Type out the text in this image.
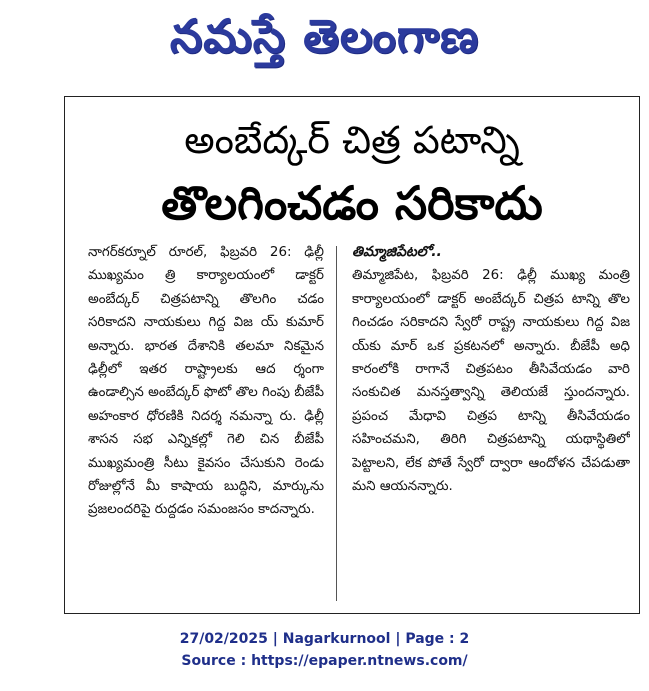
నమస్తే తెలంగాణ
అంబేద్కర్ చిత్ర పటాన్ని
తొలగించడం సరికాదు

నాగర్‌కర్నూల్ రూరల్, ఫిబ్రవరి 26: ఢిల్లీ ముఖ్యమం త్రి కార్యాలయంలో డాక్టర్ అంబేద్కర్ చిత్రపటాన్ని తొలగిం చడం సరికాదని నాయకులు గిద్ద విజ య్ కుమార్ అన్నారు. భారత దేశానికి తలమా నికమైన ఢిల్లీలో ఇతర రాష్ట్రాలకు ఆద ర్శంగా ఉండాల్సిన అంబేద్కర్ ఫొటో తొల గింపు బీజేపీ అహంకార ధోరణికి నిదర్శ నమన్నా రు. ఢిల్లీ శాసన సభ ఎన్నికల్లో గెలి చిన బీజేపీ ముఖ్యమంత్రి సీటు కైవసం చేసుకుని రెండు రోజుల్లోనే మీ కాషాయ బుద్ధిని, మార్కును ప్రజలందరిపై రుద్దడం సమంజసం కాదన్నారు.

తిమ్మాజిపేటలో..

తిమ్మాజిపేట, ఫిబ్రవరి 26: ఢిల్లీ ముఖ్య మంత్రి కార్యాలయంలో డాక్టర్ అంబేద్కర్ చిత్రప టాన్ని తొల గించడం సరికాదని స్వేరో రాష్ట్ర నాయకులు గిద్ద విజ య్‌కు మార్ ఒక ప్రకటనలో అన్నారు. బీజేపీ అధి కారంలోకి రాగానే చిత్రపటం తీసివేయడం వారి సంకుచిత మనస్తత్వాన్ని తెలియజే స్తుందన్నారు. ప్రపంచ మేధావి చిత్రప టాన్ని తీసివేయడం సహించమని, తిరిగి చిత్రపటాన్ని యథాస్థితిలో పెట్టాలని, లేక పోతే స్వేరో ద్వారా ఆందోళన చేపడుతా మని ఆయనన్నారు.

27/02/2025 | Nagarkurnool | Page : 2
Source : https://epaper.ntnews.com/
